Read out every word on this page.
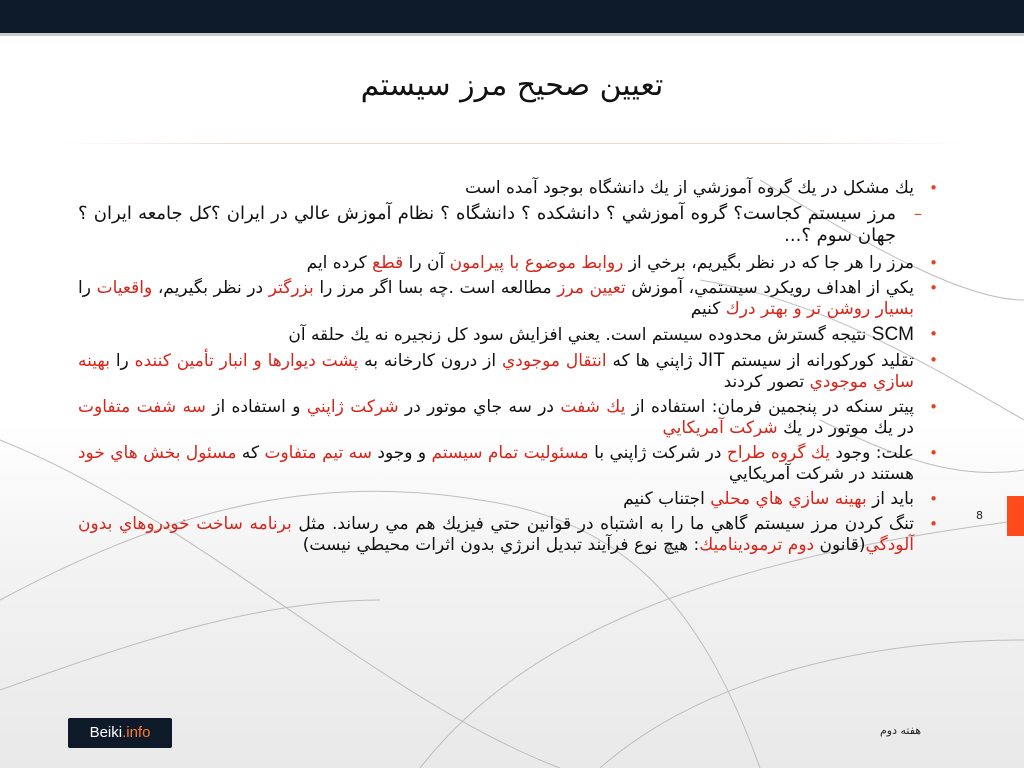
تعيين صحيح مرز سيستم
•
يك مشكل در يك گروه آموزشي از يك دانشگاه بوجود آمده است
–
مرز سيستم كجاست؟ گروه آموزشي ؟ دانشكده ؟ دانشگاه ؟ نظام آموزش عالي در ايران ؟كل جامعه ايران ؟ جهان سوم ؟...
•
مرز را هر جا كه در نظر بگيريم، برخي از روابط موضوع با پيرامون آن را قطع كرده ايم
•
يكي از اهداف رويكرد سيستمي، آموزش تعيين مرز مطالعه است .چه بسا اگر مرز را بزرگتر در نظر بگيريم، واقعيات را بسيار روشن تر و بهتر درك كنيم
•
SCM نتيجه گسترش محدوده سيستم است. يعني افزايش سود كل زنجيره نه يك حلقه آن
•
تقليد كوركورانه از سيستم JIT ژاپني ها كه انتقال موجودي از درون كارخانه به پشت ديوارها و انبار تأمين كننده را بهينه سازي موجودي تصور كردند
•
پيتر سنكه در پنجمين فرمان: استفاده از يك شفت در سه جاي موتور در شركت ژاپني و استفاده از سه شفت متفاوت در يك موتور در يك شركت آمريكايي
•
علت: وجود يك گروه طراح در شركت ژاپني با مسئوليت تمام سيستم و وجود سه تيم متفاوت كه مسئول بخش هاي خود هستند در شركت آمريكايي
•
بايد از بهينه سازي هاي محلي اجتناب كنيم
•
تنگ كردن مرز سيستم گاهي ما را به اشتباه در قوانين حتي فيزيك هم مي رساند. مثل برنامه ساخت خودروهاي بدون آلودگي(قانون دوم ترموديناميك: هيچ نوع فرآيند تبديل انرژي بدون اثرات محيطي نيست)
8
Beiki.info	هفته دوم
